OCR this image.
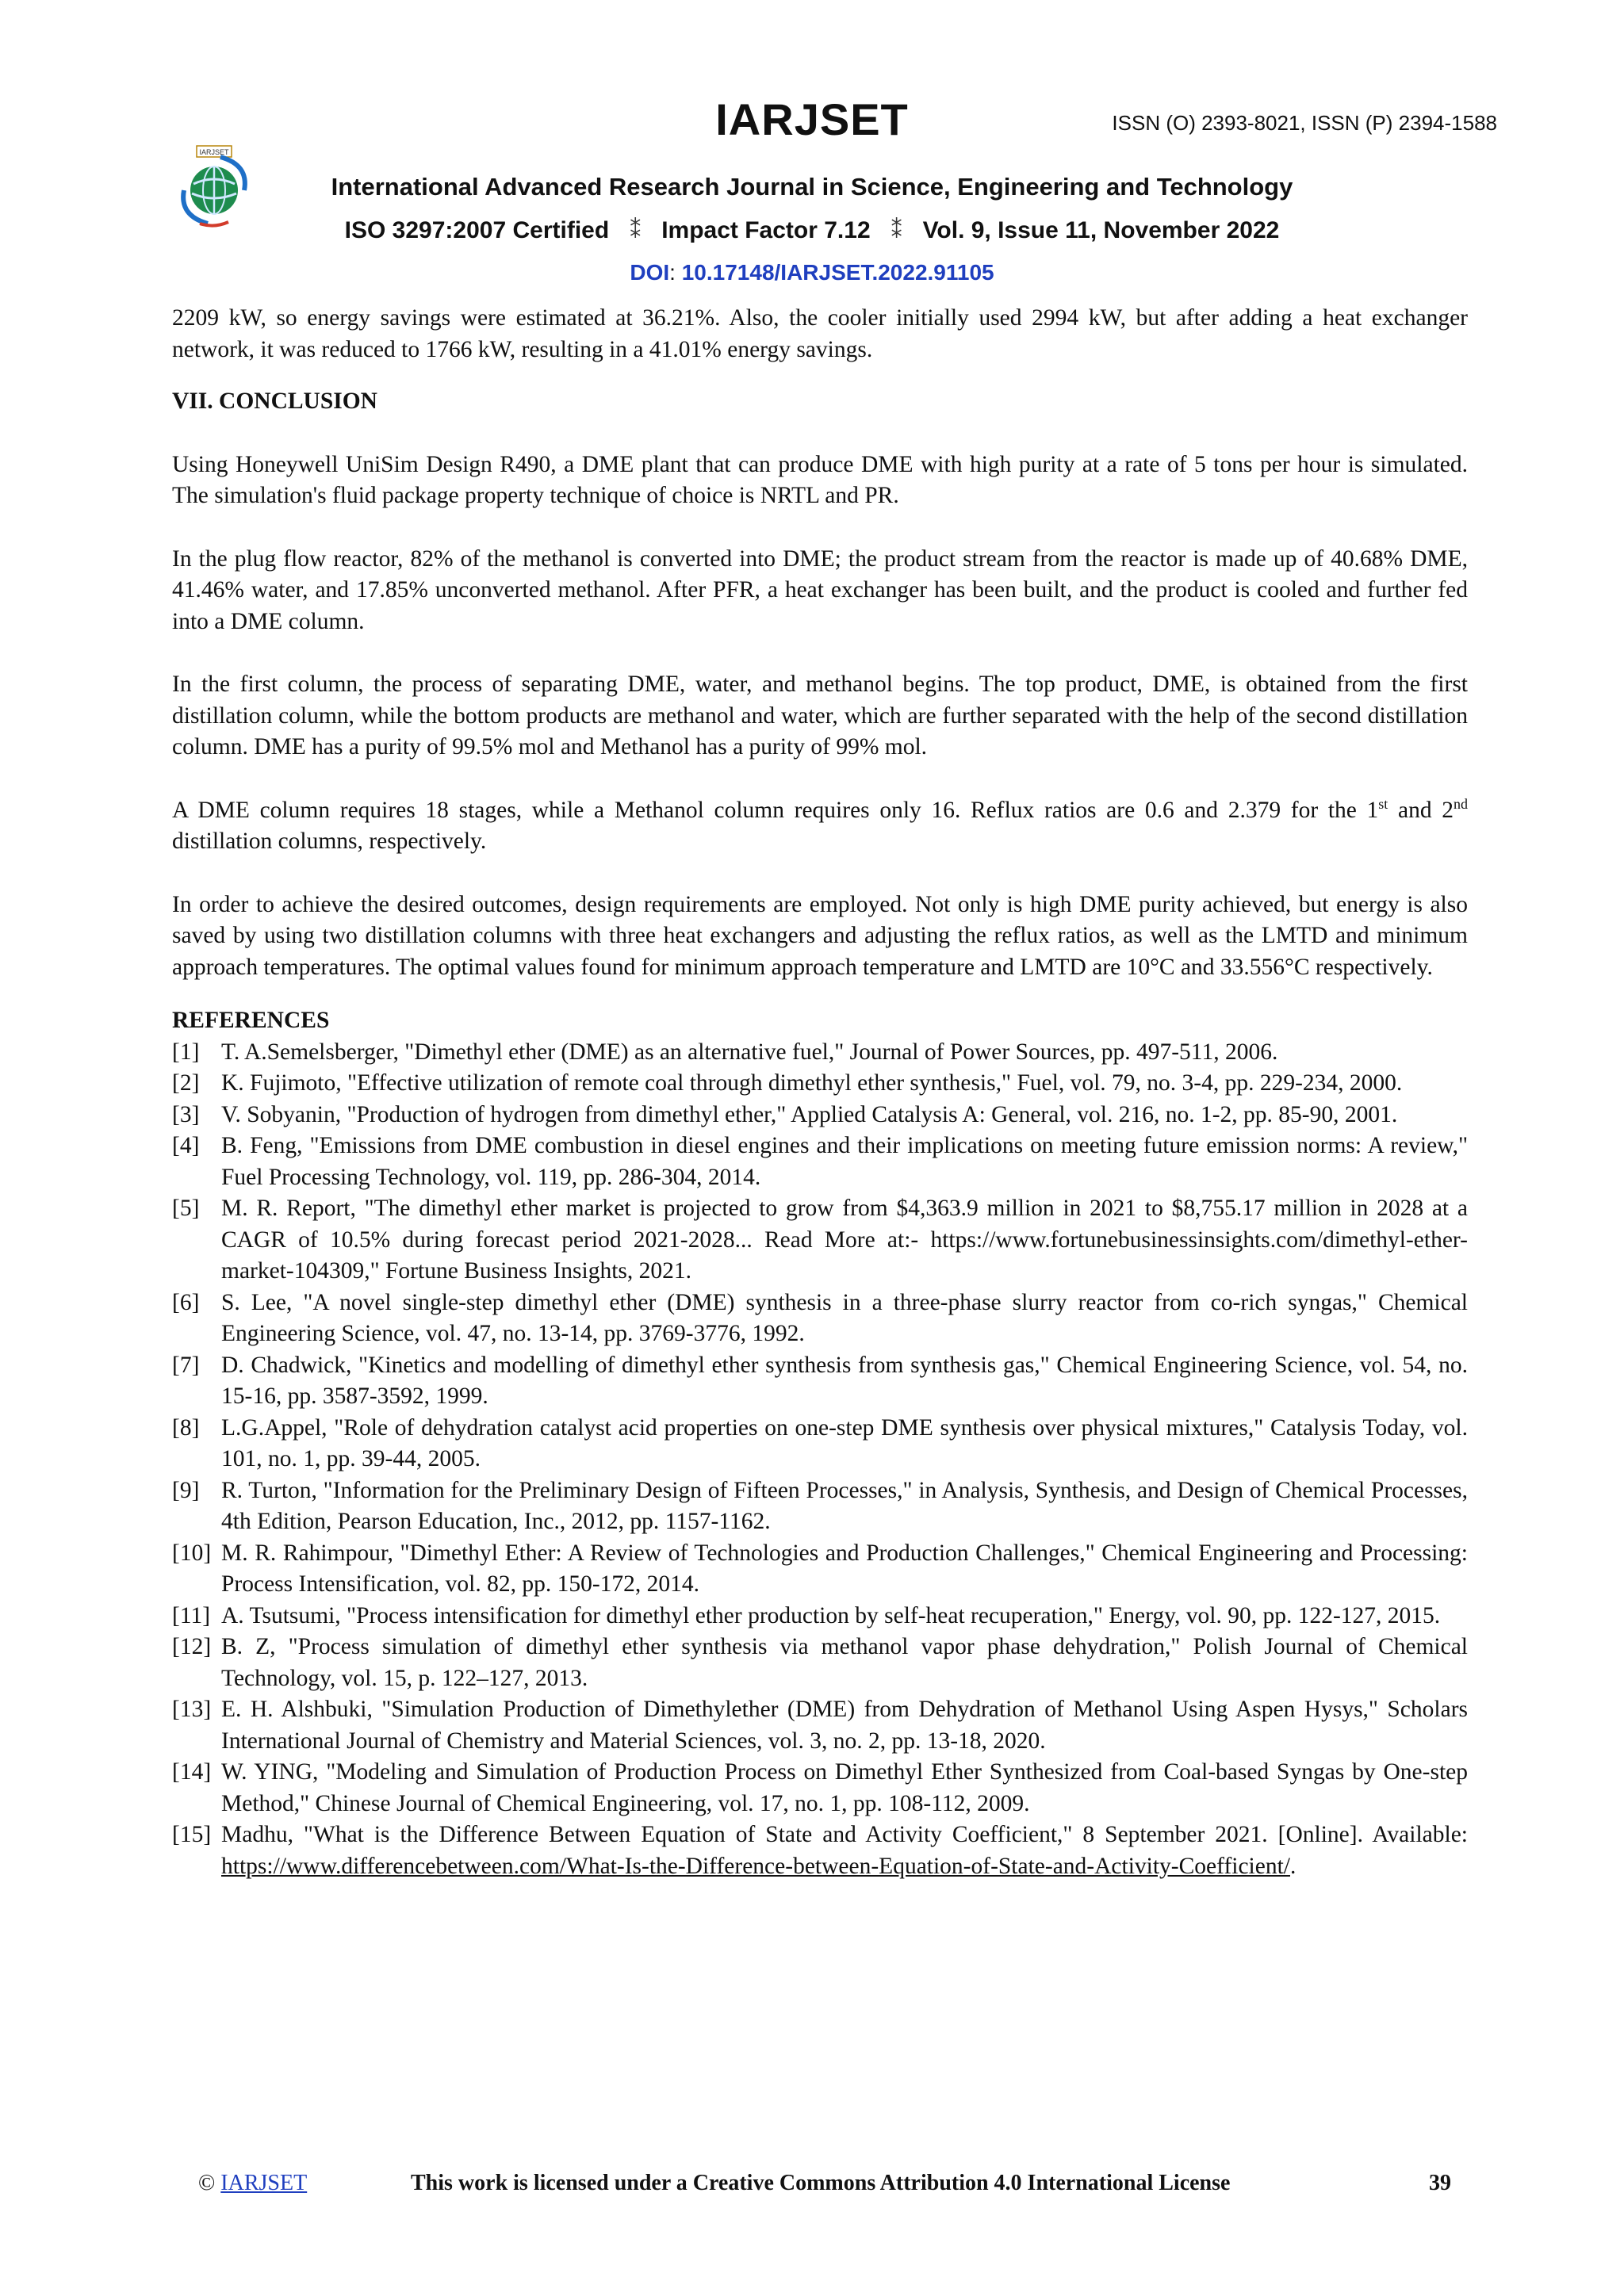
IARJSET
IARJSET	ISSN (O) 2393-8021, ISSN (P) 2394-1588
International Advanced Research Journal in Science, Engineering and Technology
ISO 3297:2007 Certified ⁑ Impact Factor 7.12 ⁑ Vol. 9, Issue 11, November 2022
DOI: 10.17148/IARJSET.2022.91105

2209 kW, so energy savings were estimated at 36.21%. Also, the cooler initially used 2994 kW, but after adding a heat exchanger network, it was reduced to 1766 kW, resulting in a 41.01% energy savings.

VII. CONCLUSION

Using Honeywell UniSim Design R490, a DME plant that can produce DME with high purity at a rate of 5 tons per hour is simulated. The simulation's fluid package property technique of choice is NRTL and PR.

In the plug flow reactor, 82% of the methanol is converted into DME; the product stream from the reactor is made up of 40.68% DME, 41.46% water, and 17.85% unconverted methanol. After PFR, a heat exchanger has been built, and the product is cooled and further fed into a DME column.

In the first column, the process of separating DME, water, and methanol begins. The top product, DME, is obtained from the first distillation column, while the bottom products are methanol and water, which are further separated with the help of the second distillation column. DME has a purity of 99.5% mol and Methanol has a purity of 99% mol.

A DME column requires 18 stages, while a Methanol column requires only 16. Reflux ratios are 0.6 and 2.379 for the 1st and 2nd distillation columns, respectively.

In order to achieve the desired outcomes, design requirements are employed. Not only is high DME purity achieved, but energy is also saved by using two distillation columns with three heat exchangers and adjusting the reflux ratios, as well as the LMTD and minimum approach temperatures. The optimal values found for minimum approach temperature and LMTD are 10°C and 33.556°C respectively.

REFERENCES

[1] T. A.Semelsberger, "Dimethyl ether (DME) as an alternative fuel," Journal of Power Sources, pp. 497-511, 2006.
[2] K. Fujimoto, "Effective utilization of remote coal through dimethyl ether synthesis," Fuel, vol. 79, no. 3-4, pp. 229-234, 2000.
[3] V. Sobyanin, "Production of hydrogen from dimethyl ether," Applied Catalysis A: General, vol. 216, no. 1-2, pp. 85-90, 2001.
[4] B. Feng, "Emissions from DME combustion in diesel engines and their implications on meeting future emission norms: A review," Fuel Processing Technology, vol. 119, pp. 286-304, 2014.
[5] M. R. Report, "The dimethyl ether market is projected to grow from $4,363.9 million in 2021 to $8,755.17 million in 2028 at a CAGR of 10.5% during forecast period 2021-2028... Read More at:- https://www.fortunebusinessinsights.com/dimethyl-ether-market-104309," Fortune Business Insights, 2021.
[6] S. Lee, "A novel single-step dimethyl ether (DME) synthesis in a three-phase slurry reactor from co-rich syngas," Chemical Engineering Science, vol. 47, no. 13-14, pp. 3769-3776, 1992.
[7] D. Chadwick, "Kinetics and modelling of dimethyl ether synthesis from synthesis gas," Chemical Engineering Science, vol. 54, no. 15-16, pp. 3587-3592, 1999.
[8] L.G.Appel, "Role of dehydration catalyst acid properties on one-step DME synthesis over physical mixtures," Catalysis Today, vol. 101, no. 1, pp. 39-44, 2005.
[9] R. Turton, "Information for the Preliminary Design of Fifteen Processes," in Analysis, Synthesis, and Design of Chemical Processes, 4th Edition, Pearson Education, Inc., 2012, pp. 1157-1162.
[10] M. R. Rahimpour, "Dimethyl Ether: A Review of Technologies and Production Challenges," Chemical Engineering and Processing: Process Intensification, vol. 82, pp. 150-172, 2014.
[11] A. Tsutsumi, "Process intensification for dimethyl ether production by self-heat recuperation," Energy, vol. 90, pp. 122-127, 2015.
[12] B. Z, "Process simulation of dimethyl ether synthesis via methanol vapor phase dehydration," Polish Journal of Chemical Technology, vol. 15, p. 122–127, 2013.
[13] E. H. Alshbuki, "Simulation Production of Dimethylether (DME) from Dehydration of Methanol Using Aspen Hysys," Scholars International Journal of Chemistry and Material Sciences, vol. 3, no. 2, pp. 13-18, 2020.
[14] W. YING, "Modeling and Simulation of Production Process on Dimethyl Ether Synthesized from Coal-based Syngas by One-step Method," Chinese Journal of Chemical Engineering, vol. 17, no. 1, pp. 108-112, 2009.
[15] Madhu, "What is the Difference Between Equation of State and Activity Coefficient," 8 September 2021. [Online]. Available: https://www.differencebetween.com/What-Is-the-Difference-between-Equation-of-State-and-Activity-Coefficient/.
© IARJSET	This work is licensed under a Creative Commons Attribution 4.0 International License	39
